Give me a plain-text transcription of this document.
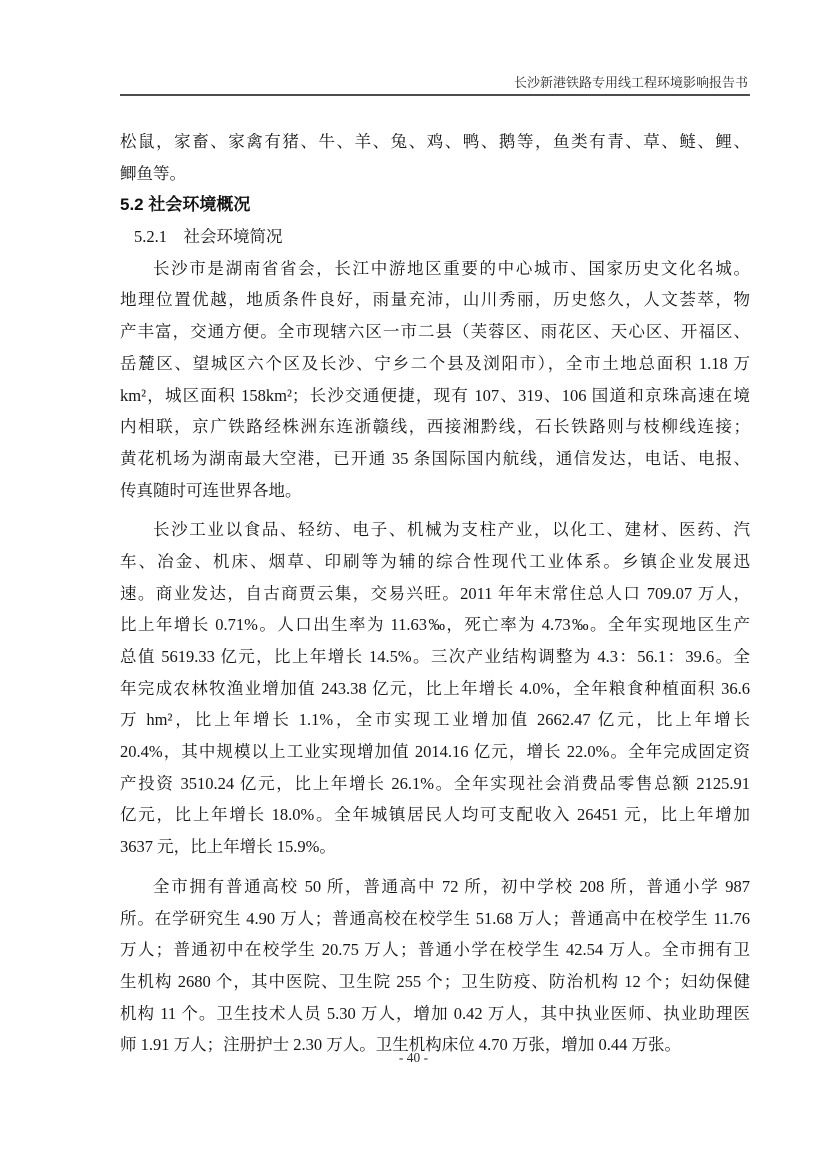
长沙新港铁路专用线工程环境影响报告书
松鼠，家畜、家禽有猪、牛、羊、兔、鸡、鸭、鹅等，鱼类有青、草、鲢、鲤、
鲫鱼等。
5.2 社会环境概况
5.2.1　社会环境简况
长沙市是湖南省省会，长江中游地区重要的中心城市、国家历史文化名城。
地理位置优越，地质条件良好，雨量充沛，山川秀丽，历史悠久，人文荟萃，物
产丰富，交通方便。全市现辖六区一市二县（芙蓉区、雨花区、天心区、开福区、
岳麓区、望城区六个区及长沙、宁乡二个县及浏阳市），全市土地总面积 1.18 万
km²，城区面积 158km²；长沙交通便捷，现有 107、319、106 国道和京珠高速在境
内相联，京广铁路经株洲东连浙赣线，西接湘黔线，石长铁路则与枝柳线连接；
黄花机场为湖南最大空港，已开通 35 条国际国内航线，通信发达，电话、电报、
传真随时可连世界各地。
长沙工业以食品、轻纺、电子、机械为支柱产业，以化工、建材、医药、汽
车、冶金、机床、烟草、印刷等为辅的综合性现代工业体系。乡镇企业发展迅
速。商业发达，自古商贾云集，交易兴旺。2011 年年末常住总人口 709.07 万人，
比上年增长 0.71%。人口出生率为 11.63‰，死亡率为 4.73‰。全年实现地区生产
总值 5619.33 亿元，比上年增长 14.5%。三次产业结构调整为 4.3：56.1：39.6。全
年完成农林牧渔业增加值 243.38 亿元，比上年增长 4.0%，全年粮食种植面积 36.6
万 hm²，比上年增长 1.1%，全市实现工业增加值 2662.47 亿元，比上年增长
20.4%，其中规模以上工业实现增加值 2014.16 亿元，增长 22.0%。全年完成固定资
产投资 3510.24 亿元，比上年增长 26.1%。全年实现社会消费品零售总额 2125.91
亿元，比上年增长 18.0%。全年城镇居民人均可支配收入 26451 元，比上年增加
3637 元，比上年增长 15.9%。
全市拥有普通高校 50 所，普通高中 72 所，初中学校 208 所，普通小学 987
所。在学研究生 4.90 万人；普通高校在校学生 51.68 万人；普通高中在校学生 11.76
万人；普通初中在校学生 20.75 万人；普通小学在校学生 42.54 万人。全市拥有卫
生机构 2680 个，其中医院、卫生院 255 个；卫生防疫、防治机构 12 个；妇幼保健
机构 11 个。卫生技术人员 5.30 万人，增加 0.42 万人，其中执业医师、执业助理医
师 1.91 万人；注册护士 2.30 万人。卫生机构床位 4.70 万张，增加 0.44 万张。
- 40 -
